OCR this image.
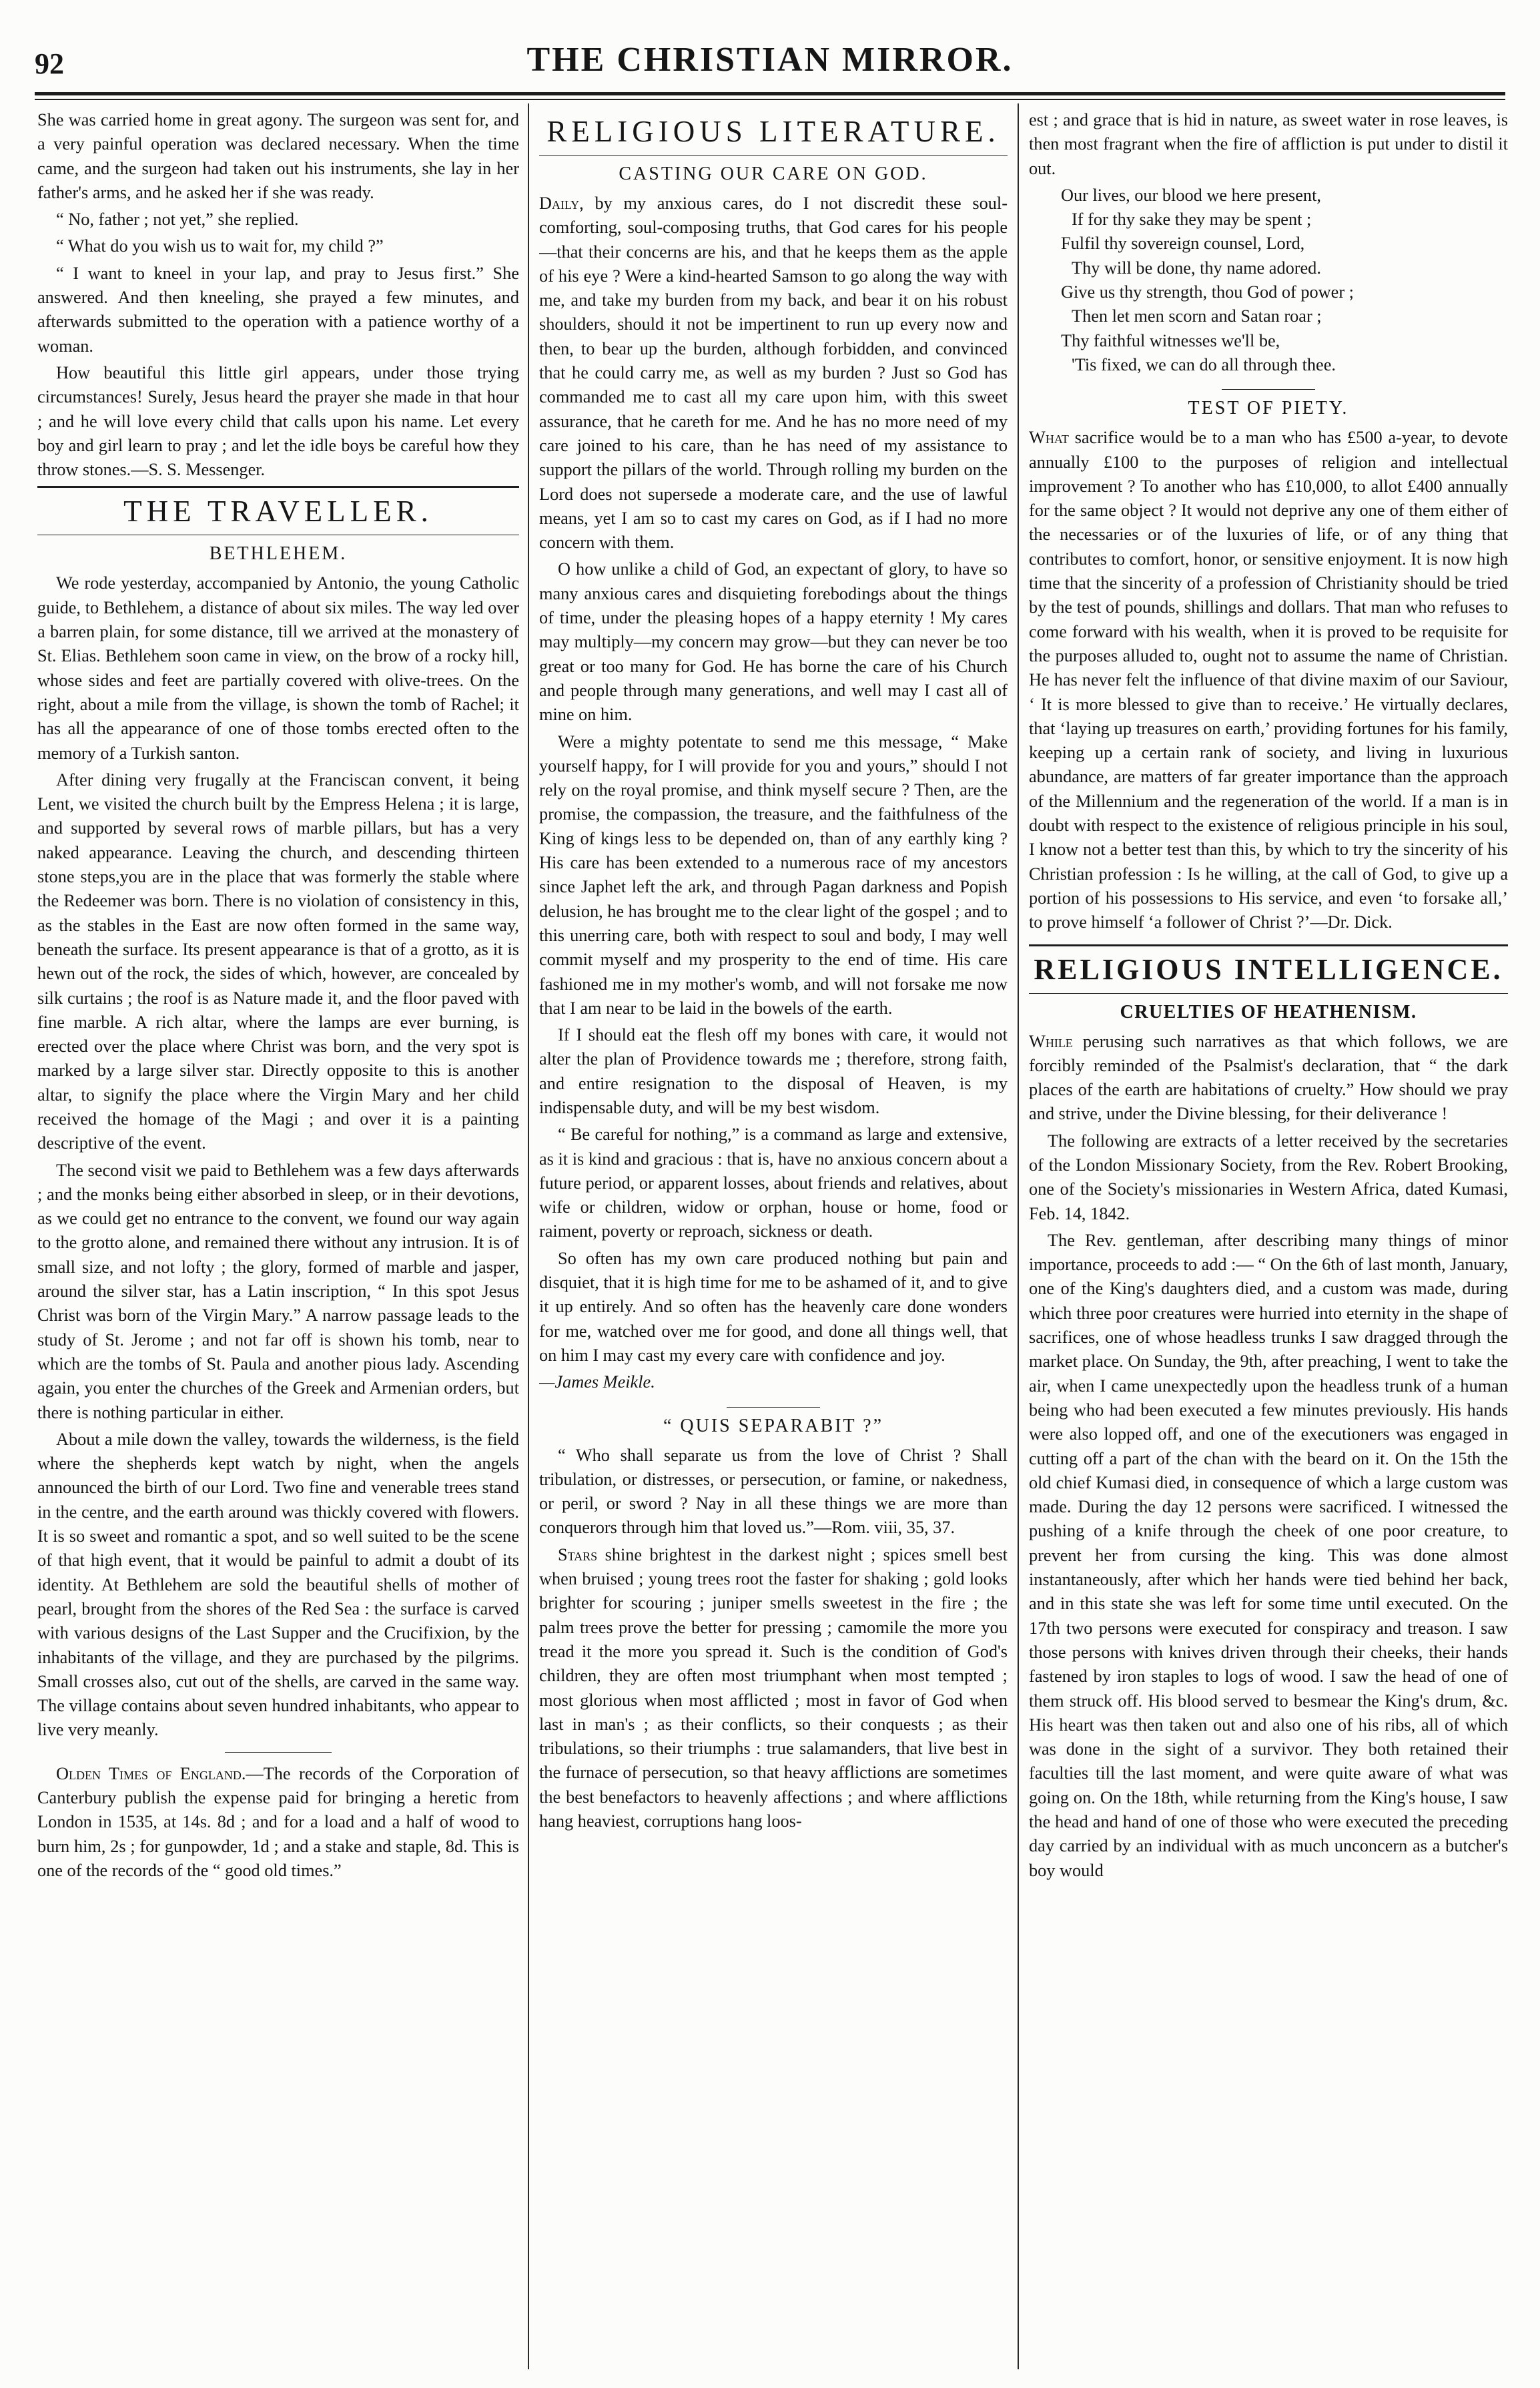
92	THE CHRISTIAN MIRROR.

She was carried home in great agony. The surgeon was sent for, and a very painful operation was declared necessary. When the time came, and the surgeon had taken out his instruments, she lay in her father's arms, and he asked her if she was ready.

“ No, father ; not yet,” she replied.

“ What do you wish us to wait for, my child ?”

“ I want to kneel in your lap, and pray to Jesus first.” She answered. And then kneeling, she prayed a few minutes, and afterwards submitted to the operation with a patience worthy of a woman.

How beautiful this little girl appears, under those trying circumstances! Surely, Jesus heard the prayer she made in that hour ; and he will love every child that calls upon his name. Let every boy and girl learn to pray ; and let the idle boys be careful how they throw stones.—S. S. Messenger.

THE TRAVELLER.
BETHLEHEM.

We rode yesterday, accompanied by Antonio, the young Catholic guide, to Bethlehem, a distance of about six miles. The way led over a barren plain, for some distance, till we arrived at the monastery of St. Elias. Bethlehem soon came in view, on the brow of a rocky hill, whose sides and feet are partially covered with olive-trees. On the right, about a mile from the village, is shown the tomb of Rachel; it has all the appearance of one of those tombs erected often to the memory of a Turkish santon.

After dining very frugally at the Franciscan convent, it being Lent, we visited the church built by the Empress Helena ; it is large, and supported by several rows of marble pillars, but has a very naked appearance. Leaving the church, and descending thirteen stone steps,you are in the place that was formerly the stable where the Redeemer was born. There is no violation of consistency in this, as the stables in the East are now often formed in the same way, beneath the surface. Its present appearance is that of a grotto, as it is hewn out of the rock, the sides of which, however, are concealed by silk curtains ; the roof is as Nature made it, and the floor paved with fine marble. A rich altar, where the lamps are ever burning, is erected over the place where Christ was born, and the very spot is marked by a large silver star. Directly opposite to this is another altar, to signify the place where the Virgin Mary and her child received the homage of the Magi ; and over it is a painting descriptive of the event.

The second visit we paid to Bethlehem was a few days afterwards ; and the monks being either absorbed in sleep, or in their devotions, as we could get no entrance to the convent, we found our way again to the grotto alone, and remained there without any intrusion. It is of small size, and not lofty ; the glory, formed of marble and jasper, around the silver star, has a Latin inscription, “ In this spot Jesus Christ was born of the Virgin Mary.” A narrow passage leads to the study of St. Jerome ; and not far off is shown his tomb, near to which are the tombs of St. Paula and another pious lady. Ascending again, you enter the churches of the Greek and Armenian orders, but there is nothing particular in either.

About a mile down the valley, towards the wilderness, is the field where the shepherds kept watch by night, when the angels announced the birth of our Lord. Two fine and venerable trees stand in the centre, and the earth around was thickly covered with flowers. It is so sweet and romantic a spot, and so well suited to be the scene of that high event, that it would be painful to admit a doubt of its identity. At Bethlehem are sold the beautiful shells of mother of pearl, brought from the shores of the Red Sea : the surface is carved with various designs of the Last Supper and the Crucifixion, by the inhabitants of the village, and they are purchased by the pilgrims. Small crosses also, cut out of the shells, are carved in the same way. The village contains about seven hundred inhabitants, who appear to live very meanly.

Olden Times of England.—The records of the Corporation of Canterbury publish the expense paid for bringing a heretic from London in 1535, at 14s. 8d ; and for a load and a half of wood to burn him, 2s ; for gunpowder, 1d ; and a stake and staple, 8d. This is one of the records of the “ good old times.”

RELIGIOUS LITERATURE.
CASTING OUR CARE ON GOD.

Daily, by my anxious cares, do I not discredit these soul-comforting, soul-composing truths, that God cares for his people—that their concerns are his, and that he keeps them as the apple of his eye ? Were a kind-hearted Samson to go along the way with me, and take my burden from my back, and bear it on his robust shoulders, should it not be impertinent to run up every now and then, to bear up the burden, although forbidden, and convinced that he could carry me, as well as my burden ? Just so God has commanded me to cast all my care upon him, with this sweet assurance, that he careth for me. And he has no more need of my care joined to his care, than he has need of my assistance to support the pillars of the world. Through rolling my burden on the Lord does not supersede a moderate care, and the use of lawful means, yet I am so to cast my cares on God, as if I had no more concern with them.

O how unlike a child of God, an expectant of glory, to have so many anxious cares and disquieting forebodings about the things of time, under the pleasing hopes of a happy eternity ! My cares may multiply—my concern may grow—but they can never be too great or too many for God. He has borne the care of his Church and people through many generations, and well may I cast all of mine on him.

Were a mighty potentate to send me this message, “ Make yourself happy, for I will provide for you and yours,” should I not rely on the royal promise, and think myself secure ? Then, are the promise, the compassion, the treasure, and the faithfulness of the King of kings less to be depended on, than of any earthly king ? His care has been extended to a numerous race of my ancestors since Japhet left the ark, and through Pagan darkness and Popish delusion, he has brought me to the clear light of the gospel ; and to this unerring care, both with respect to soul and body, I may well commit myself and my prosperity to the end of time. His care fashioned me in my mother's womb, and will not forsake me now that I am near to be laid in the bowels of the earth.

If I should eat the flesh off my bones with care, it would not alter the plan of Providence towards me ; therefore, strong faith, and entire resignation to the disposal of Heaven, is my indispensable duty, and will be my best wisdom.

“ Be careful for nothing,” is a command as large and extensive, as it is kind and gracious : that is, have no anxious concern about a future period, or apparent losses, about friends and relatives, about wife or children, widow or orphan, house or home, food or raiment, poverty or reproach, sickness or death.

So often has my own care produced nothing but pain and disquiet, that it is high time for me to be ashamed of it, and to give it up entirely. And so often has the heavenly care done wonders for me, watched over me for good, and done all things well, that on him I may cast my every care with confidence and joy.

—James Meikle.

“ QUIS SEPARABIT ?”

“ Who shall separate us from the love of Christ ? Shall tribulation, or distresses, or persecution, or famine, or nakedness, or peril, or sword ? Nay in all these things we are more than conquerors through him that loved us.”—Rom. viii, 35, 37.

Stars shine brightest in the darkest night ; spices smell best when bruised ; young trees root the faster for shaking ; gold looks brighter for scouring ; juniper smells sweetest in the fire ; the palm trees prove the better for pressing ; camomile the more you tread it the more you spread it. Such is the condition of God's children, they are often most triumphant when most tempted ; most glorious when most afflicted ; most in favor of God when last in man's ; as their conflicts, so their conquests ; as their tribulations, so their triumphs : true salamanders, that live best in the furnace of persecution, so that heavy afflictions are sometimes the best benefactors to heavenly affections ; and where afflictions hang heaviest, corruptions hang loos-

est ; and grace that is hid in nature, as sweet water in rose leaves, is then most fragrant when the fire of affliction is put under to distil it out.

Our lives, our blood we here present,
If for thy sake they may be spent ;
Fulfil thy sovereign counsel, Lord,
Thy will be done, thy name adored.
Give us thy strength, thou God of power ;
Then let men scorn and Satan roar ;
Thy faithful witnesses we'll be,
'Tis fixed, we can do all through thee.
TEST OF PIETY.

What sacrifice would be to a man who has £500 a-year, to devote annually £100 to the purposes of religion and intellectual improvement ? To another who has £10,000, to allot £400 annually for the same object ? It would not deprive any one of them either of the necessaries or of the luxuries of life, or of any thing that contributes to comfort, honor, or sensitive enjoyment. It is now high time that the sincerity of a profession of Christianity should be tried by the test of pounds, shillings and dollars. That man who refuses to come forward with his wealth, when it is proved to be requisite for the purposes alluded to, ought not to assume the name of Christian. He has never felt the influence of that divine maxim of our Saviour, ‘ It is more blessed to give than to receive.’ He virtually declares, that ‘laying up treasures on earth,’ providing fortunes for his family, keeping up a certain rank of society, and living in luxurious abundance, are matters of far greater importance than the approach of the Millennium and the regeneration of the world. If a man is in doubt with respect to the existence of religious principle in his soul, I know not a better test than this, by which to try the sincerity of his Christian profession : Is he willing, at the call of God, to give up a portion of his possessions to His service, and even ‘to forsake all,’ to prove himself ‘a follower of Christ ?’—Dr. Dick.

RELIGIOUS INTELLIGENCE.
CRUELTIES OF HEATHENISM.

While perusing such narratives as that which follows, we are forcibly reminded of the Psalmist's declaration, that “ the dark places of the earth are habitations of cruelty.” How should we pray and strive, under the Divine blessing, for their deliverance !

The following are extracts of a letter received by the secretaries of the London Missionary Society, from the Rev. Robert Brooking, one of the Society's missionaries in Western Africa, dated Kumasi, Feb. 14, 1842.

The Rev. gentleman, after describing many things of minor importance, proceeds to add :— “ On the 6th of last month, January, one of the King's daughters died, and a custom was made, during which three poor creatures were hurried into eternity in the shape of sacrifices, one of whose headless trunks I saw dragged through the market place. On Sunday, the 9th, after preaching, I went to take the air, when I came unexpectedly upon the headless trunk of a human being who had been executed a few minutes previously. His hands were also lopped off, and one of the executioners was engaged in cutting off a part of the chan with the beard on it. On the 15th the old chief Kumasi died, in consequence of which a large custom was made. During the day 12 persons were sacrificed. I witnessed the pushing of a knife through the cheek of one poor creature, to prevent her from cursing the king. This was done almost instantaneously, after which her hands were tied behind her back, and in this state she was left for some time until executed. On the 17th two persons were executed for conspiracy and treason. I saw those persons with knives driven through their cheeks, their hands fastened by iron staples to logs of wood. I saw the head of one of them struck off. His blood served to besmear the King's drum, &c. His heart was then taken out and also one of his ribs, all of which was done in the sight of a survivor. They both retained their faculties till the last moment, and were quite aware of what was going on. On the 18th, while returning from the King's house, I saw the head and hand of one of those who were executed the preceding day carried by an individual with as much unconcern as a butcher's boy would
